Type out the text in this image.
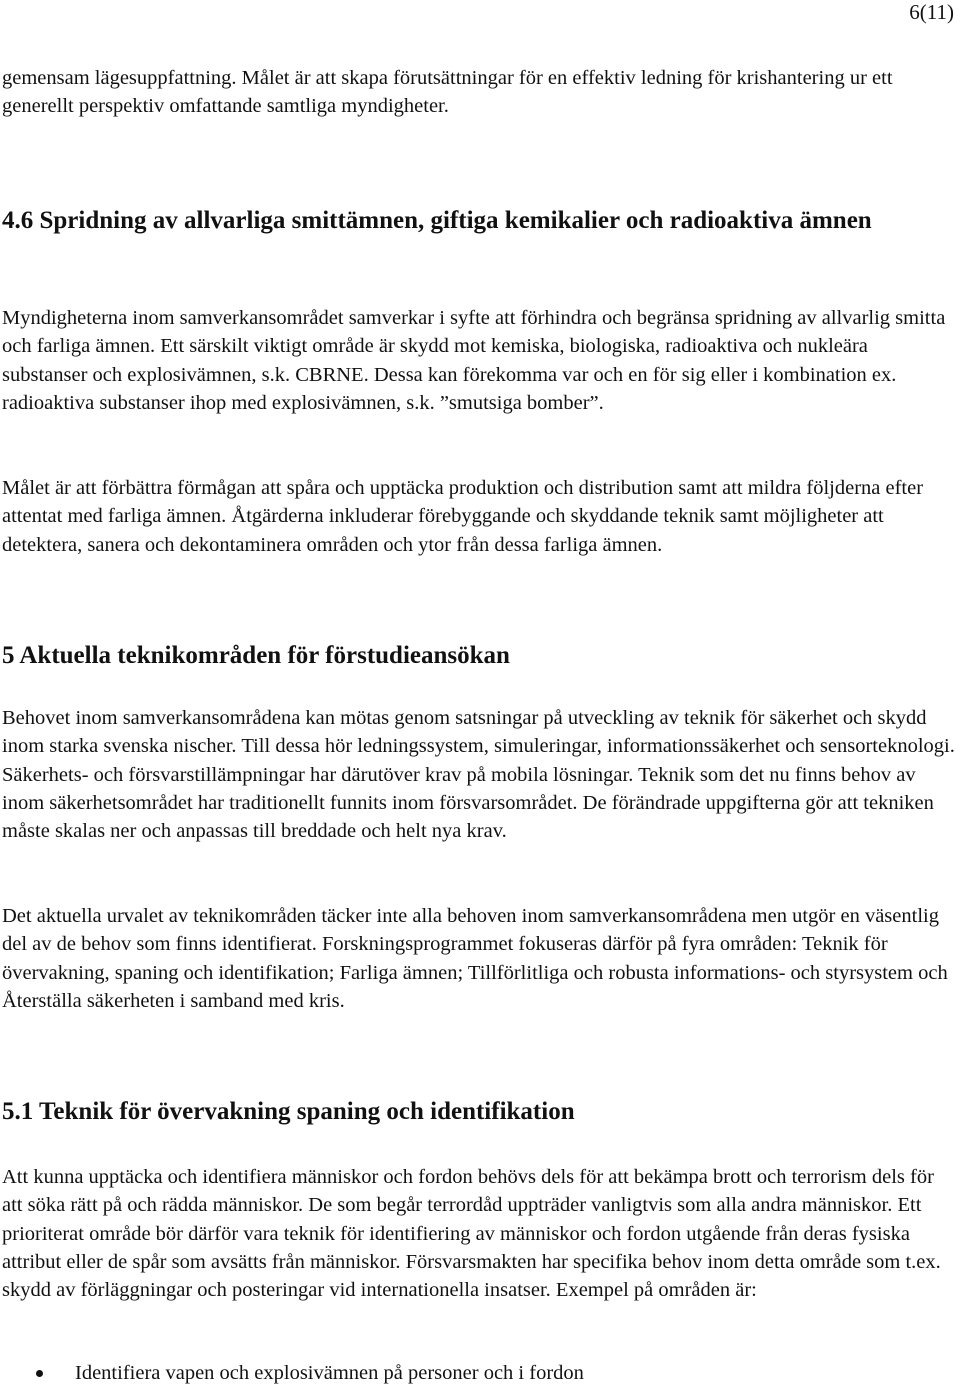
6(11)

gemensam lägesuppfattning. Målet är att skapa förutsättningar för en effektiv ledning för krishantering ur ett generellt perspektiv omfattande samtliga myndigheter.

4.6 Spridning av allvarliga smittämnen, giftiga kemikalier och radioaktiva ämnen

Myndigheterna inom samverkansområdet samverkar i syfte att förhindra och begränsa spridning av allvarlig smitta och farliga ämnen. Ett särskilt viktigt område är skydd mot kemiska, biologiska, radioaktiva och nukleära substanser och explosivämnen, s.k. CBRNE. Dessa kan förekomma var och en för sig eller i kombination ex. radioaktiva substanser ihop med explosivämnen, s.k. ”smutsiga bomber”.

Målet är att förbättra förmågan att spåra och upptäcka produktion och distribution samt att mildra följderna efter attentat med farliga ämnen. Åtgärderna inkluderar förebyggande och skyddande teknik samt möjligheter att detektera, sanera och dekontaminera områden och ytor från dessa farliga ämnen.

5 Aktuella teknikområden för förstudieansökan

Behovet inom samverkansområdena kan mötas genom satsningar på utveckling av teknik för säkerhet och skydd inom starka svenska nischer. Till dessa hör ledningssystem, simuleringar, informationssäkerhet och sensorteknologi. Säkerhets- och försvarstillämpningar har därutöver krav på mobila lösningar. Teknik som det nu finns behov av inom säkerhetsområdet har traditionellt funnits inom försvarsområdet. De förändrade uppgifterna gör att tekniken måste skalas ner och anpassas till breddade och helt nya krav.

Det aktuella urvalet av teknikområden täcker inte alla behoven inom samverkansområdena men utgör en väsentlig del av de behov som finns identifierat. Forskningsprogrammet fokuseras därför på fyra områden: Teknik för övervakning, spaning och identifikation; Farliga ämnen; Tillförlitliga och robusta informations- och styrsystem och Återställa säkerheten i samband med kris.

5.1 Teknik för övervakning spaning och identifikation

Att kunna upptäcka och identifiera människor och fordon behövs dels för att bekämpa brott och terrorism dels för att söka rätt på och rädda människor. De som begår terrordåd uppträder vanligtvis som alla andra människor. Ett prioriterat område bör därför vara teknik för identifiering av människor och fordon utgående från deras fysiska attribut eller de spår som avsätts från människor. Försvarsmakten har specifika behov inom detta område som t.ex. skydd av förläggningar och posteringar vid internationella insatser. Exempel på områden är:

Identifiera vapen och explosivämnen på personer och i fordon
